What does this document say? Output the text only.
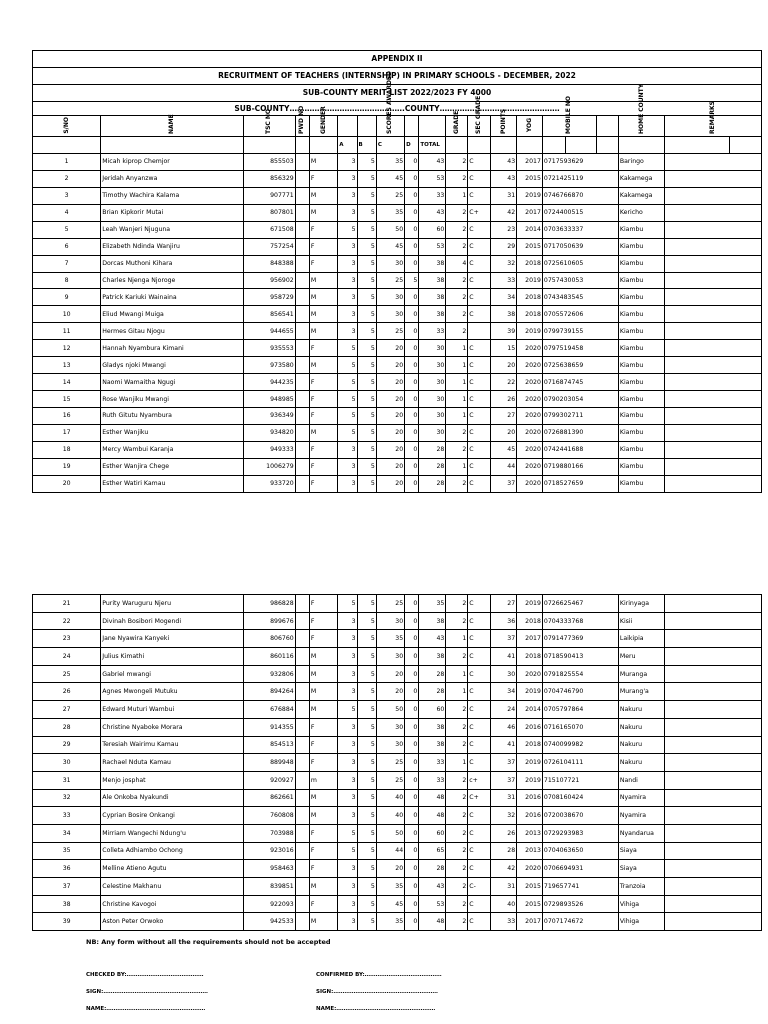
APPENDIX II
RECRUITMENT OF TEACHERS (INTERNSHIP) IN PRIMARY SCHOOLS - DECEMBER, 2022
SUB-COUNTY MERIT LIST 2022/2023 FY 4000
SUB-COUNTY……………………………………….COUNTY…………………………………………
S/NO	NAME	TSC NO	PWD NO	GENDER			SCORES AWARDED			GRADE	SEC GRADE	POINTS	YOG	MOBILE NO			HOME COUNTY	REMARKS	
					A	B	C	D	TOTAL										
1	Micah kiprop Chemjor	855503		M	3	5	35	0	43	2	C	43	2017	0717593629			Baringo		
2	Jeridah Anyanzwa	856329		F	3	5	45	0	53	2	C	43	2015	0721425119			Kakamega		
3	Timothy Wachira Kalama	907771		M	3	5	25	0	33	1	C	31	2019	0746766870			Kakamega		
4	Brian Kipkorir Mutai	807801		M	3	5	35	0	43	2	C+	42	2017	0724400515			Kericho		
5	Leah Wanjeri Njuguna	671508		F	5	5	50	0	60	2	C	23	2014	0703633337			Kiambu		
6	Elizabeth Ndinda Wanjiru	757254		F	3	5	45	0	53	2	C	29	2015	0717050639			Kiambu		
7	Dorcas Muthoni Kihara	848388		F	3	5	30	0	38	4	C	32	2018	0725610605			Kiambu		
8	Charles Njenga Njoroge	956902		M	3	5	25	5	38	2	C	33	2019	0757430053			Kiambu		
9	Patrick Kariuki Wainaina	958729		M	3	5	30	0	38	2	C	34	2018	0743483545			Kiambu		
10	Eliud Mwangi Muiga	856541		M	3	5	30	0	38	2	C	38	2018	0705572606			Kiambu		
11	Hermes Gitau Njogu	944655		M	3	5	25	0	33	2		39	2019	0799739155			Kiambu		
12	Hannah Nyambura Kimani	935553		F	5	5	20	0	30	1	C	15	2020	0797519458			Kiambu		
13	Gladys njoki Mwangi	973580		M	5	5	20	0	30	1	C	20	2020	0725638659			Kiambu		
14	Naomi Wamaitha Ngugi	944235		F	5	5	20	0	30	1	C	22	2020	0716874745			Kiambu		
15	Rose Wanjiku Mwangi	948985		F	5	5	20	0	30	1	C	26	2020	0790203054			Kiambu		
16	Ruth Gitutu Nyambura	936349		F	5	5	20	0	30	1	C	27	2020	0799302711			Kiambu		
17	Esther Wanjiku	934820		M	5	5	20	0	30	2	C	20	2020	0726881390			Kiambu		
18	Mercy Wambui Karanja	949333		F	3	5	20	0	28	2	C	45	2020	0742441688			Kiambu		
19	Esther Wanjira Chege	1006279		F	3	5	20	0	28	1	C	44	2020	0719880166			Kiambu		
20	Esther Watiri Kamau	933720		F	3	5	20	0	28	2	C	37	2020	0718527659			Kiambu		
21	Purity Waruguru Njeru	986828		F	5	5	25	0	35	2	C	27	2019	0726625467	Kirinyaga	
22	Divinah Bosibori Mogendi	899676		F	3	5	30	0	38	2	C	36	2018	0704333768	Kisii	
23	Jane Nyawira Kanyeki	806760		F	3	5	35	0	43	1	C	37	2017	0791477369	Laikipia	
24	Julius Kimathi	860116		M	3	5	30	0	38	2	C	41	2018	0718590413	Meru	
25	Gabriel mwangi	932806		M	3	5	20	0	28	1	C	30	2020	0791825554	Muranga	
26	Agnes Mwongeli Mutuku	894264		M	3	5	20	0	28	1	C	34	2019	0704746790	Murang'a	
27	Edward Muturi Wambui	676884		M	5	5	50	0	60	2	C	24	2014	0705797864	Nakuru	
28	Christine Nyaboke Morara	914355		F	3	5	30	0	38	2	C	46	2016	0716165070	Nakuru	
29	Teresiah Wairimu Kamau	854513		F	3	5	30	0	38	2	C	41	2018	0740099982	Nakuru	
30	Rachael Nduta Kamau	889948		F	3	5	25	0	33	1	C	37	2019	0726104111	Nakuru	
31	Menjo josphat	920927		m	3	5	25	0	33	2	c+	37	2019	715107721	Nandi	
32	Ale Onkoba Nyakundi	862661		M	3	5	40	0	48	2	C+	31	2016	0708160424	Nyamira	
33	Cyprian Bosire Onkangi	760808		M	3	5	40	0	48	2	C	32	2016	0720038670	Nyamira	
34	Mirriam Wangechi Ndung'u	703988		F	5	5	50	0	60	2	C	26	2013	0729293983	Nyandarua	
35	Colleta Adhiambo Ochong	923016		F	5	5	44	0	65	2	C	28	2013	0704063650	Siaya	
36	Melline Atieno Agutu	958463		F	3	5	20	0	28	2	C	42	2020	0706694931	Siaya	
37	Celestine Makhanu	839851		M	3	5	35	0	43	2	C-	31	2015	719657741	Tranzoia	
38	Christine Kavogoi	922093		F	3	5	45	0	53	2	C	40	2015	0729893526	Vihiga	
39	Aston Peter Orwoko	942533		M	3	5	35	0	48	2	C	33	2017	0707174672	Vihiga	
NB: Any form without all the requirements should not be accepted
CHECKED BY:……………………………………
SIGN:…………………………………………………
NAME:………………………………………………
CONFIRMED BY:……………………………………
SIGN:…………………………………………………
NAME:………………………………………………
